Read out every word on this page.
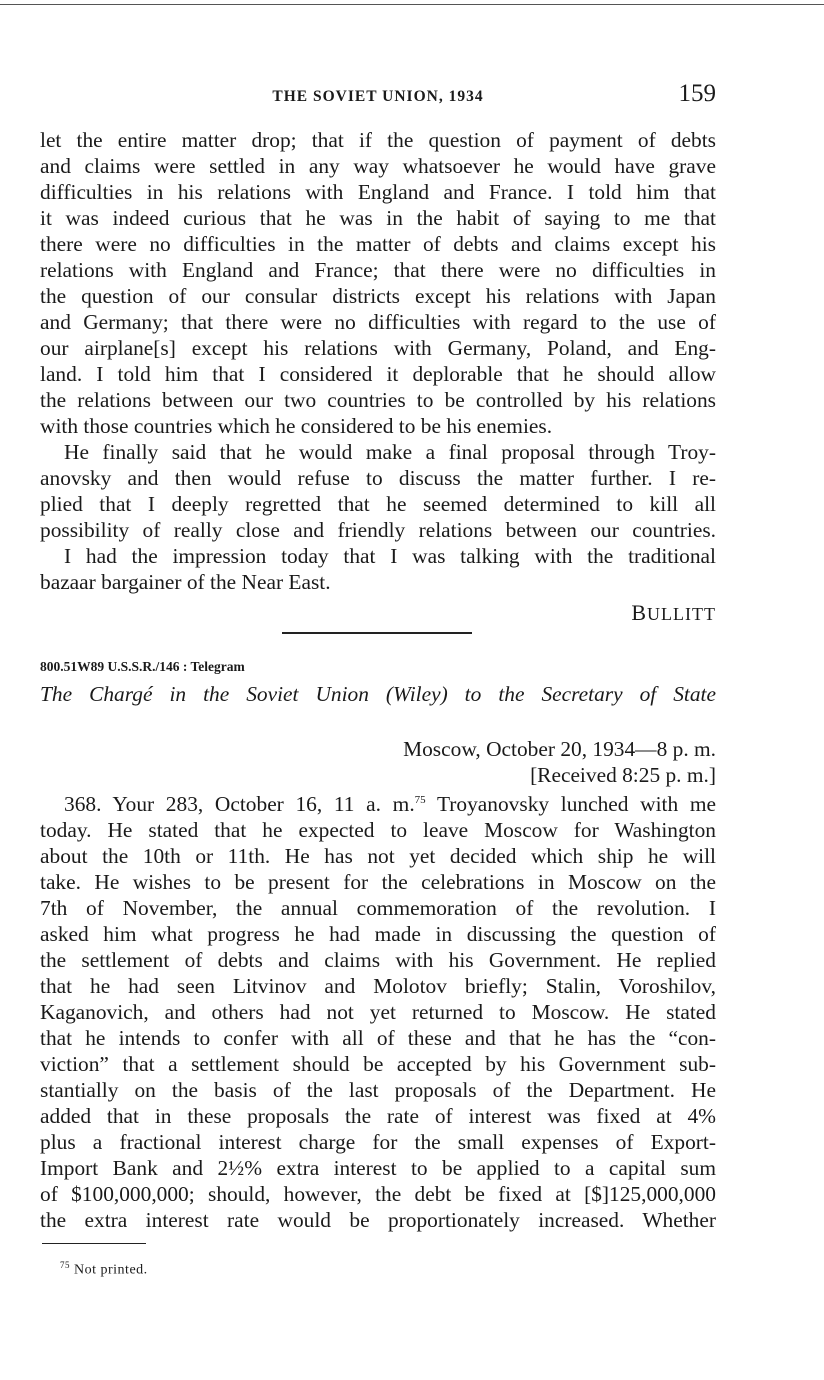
THE SOVIET UNION, 1934	159
let the entire matter drop; that if the question of payment of debts
and claims were settled in any way whatsoever he would have grave
difficulties in his relations with England and France. I told him that
it was indeed curious that he was in the habit of saying to me that
there were no difficulties in the matter of debts and claims except his
relations with England and France; that there were no difficulties in
the question of our consular districts except his relations with Japan
and Germany; that there were no difficulties with regard to the use of
our airplane[s] except his relations with Germany, Poland, and Eng-
land. I told him that I considered it deplorable that he should allow
the relations between our two countries to be controlled by his relations
with those countries which he considered to be his enemies.
He finally said that he would make a final proposal through Troy-
anovsky and then would refuse to discuss the matter further. I re-
plied that I deeply regretted that he seemed determined to kill all
possibility of really close and friendly relations between our countries.
I had the impression today that I was talking with the traditional
bazaar bargainer of the Near East.
BULLITT
800.51W89 U.S.S.R./146 : Telegram
The Chargé in the Soviet Union (Wiley) to the Secretary of State
Moscow, October 20, 1934—8 p. m.
[Received 8:25 p. m.]
368. Your 283, October 16, 11 a. m.$^{75}$ Troyanovsky lunched with me
today. He stated that he expected to leave Moscow for Washington
about the 10th or 11th. He has not yet decided which ship he will
take. He wishes to be present for the celebrations in Moscow on the
7th of November, the annual commemoration of the revolution. I
asked him what progress he had made in discussing the question of
the settlement of debts and claims with his Government. He replied
that he had seen Litvinov and Molotov briefly; Stalin, Voroshilov,
Kaganovich, and others had not yet returned to Moscow. He stated
that he intends to confer with all of these and that he has the “con-
viction” that a settlement should be accepted by his Government sub-
stantially on the basis of the last proposals of the Department. He
added that in these proposals the rate of interest was fixed at 4%
plus a fractional interest charge for the small expenses of Export-
Import Bank and 2½% extra interest to be applied to a capital sum
of $100,000,000; should, however, the debt be fixed at [$]125,000,000
the extra interest rate would be proportionately increased. Whether
$^{75}$ Not printed.
